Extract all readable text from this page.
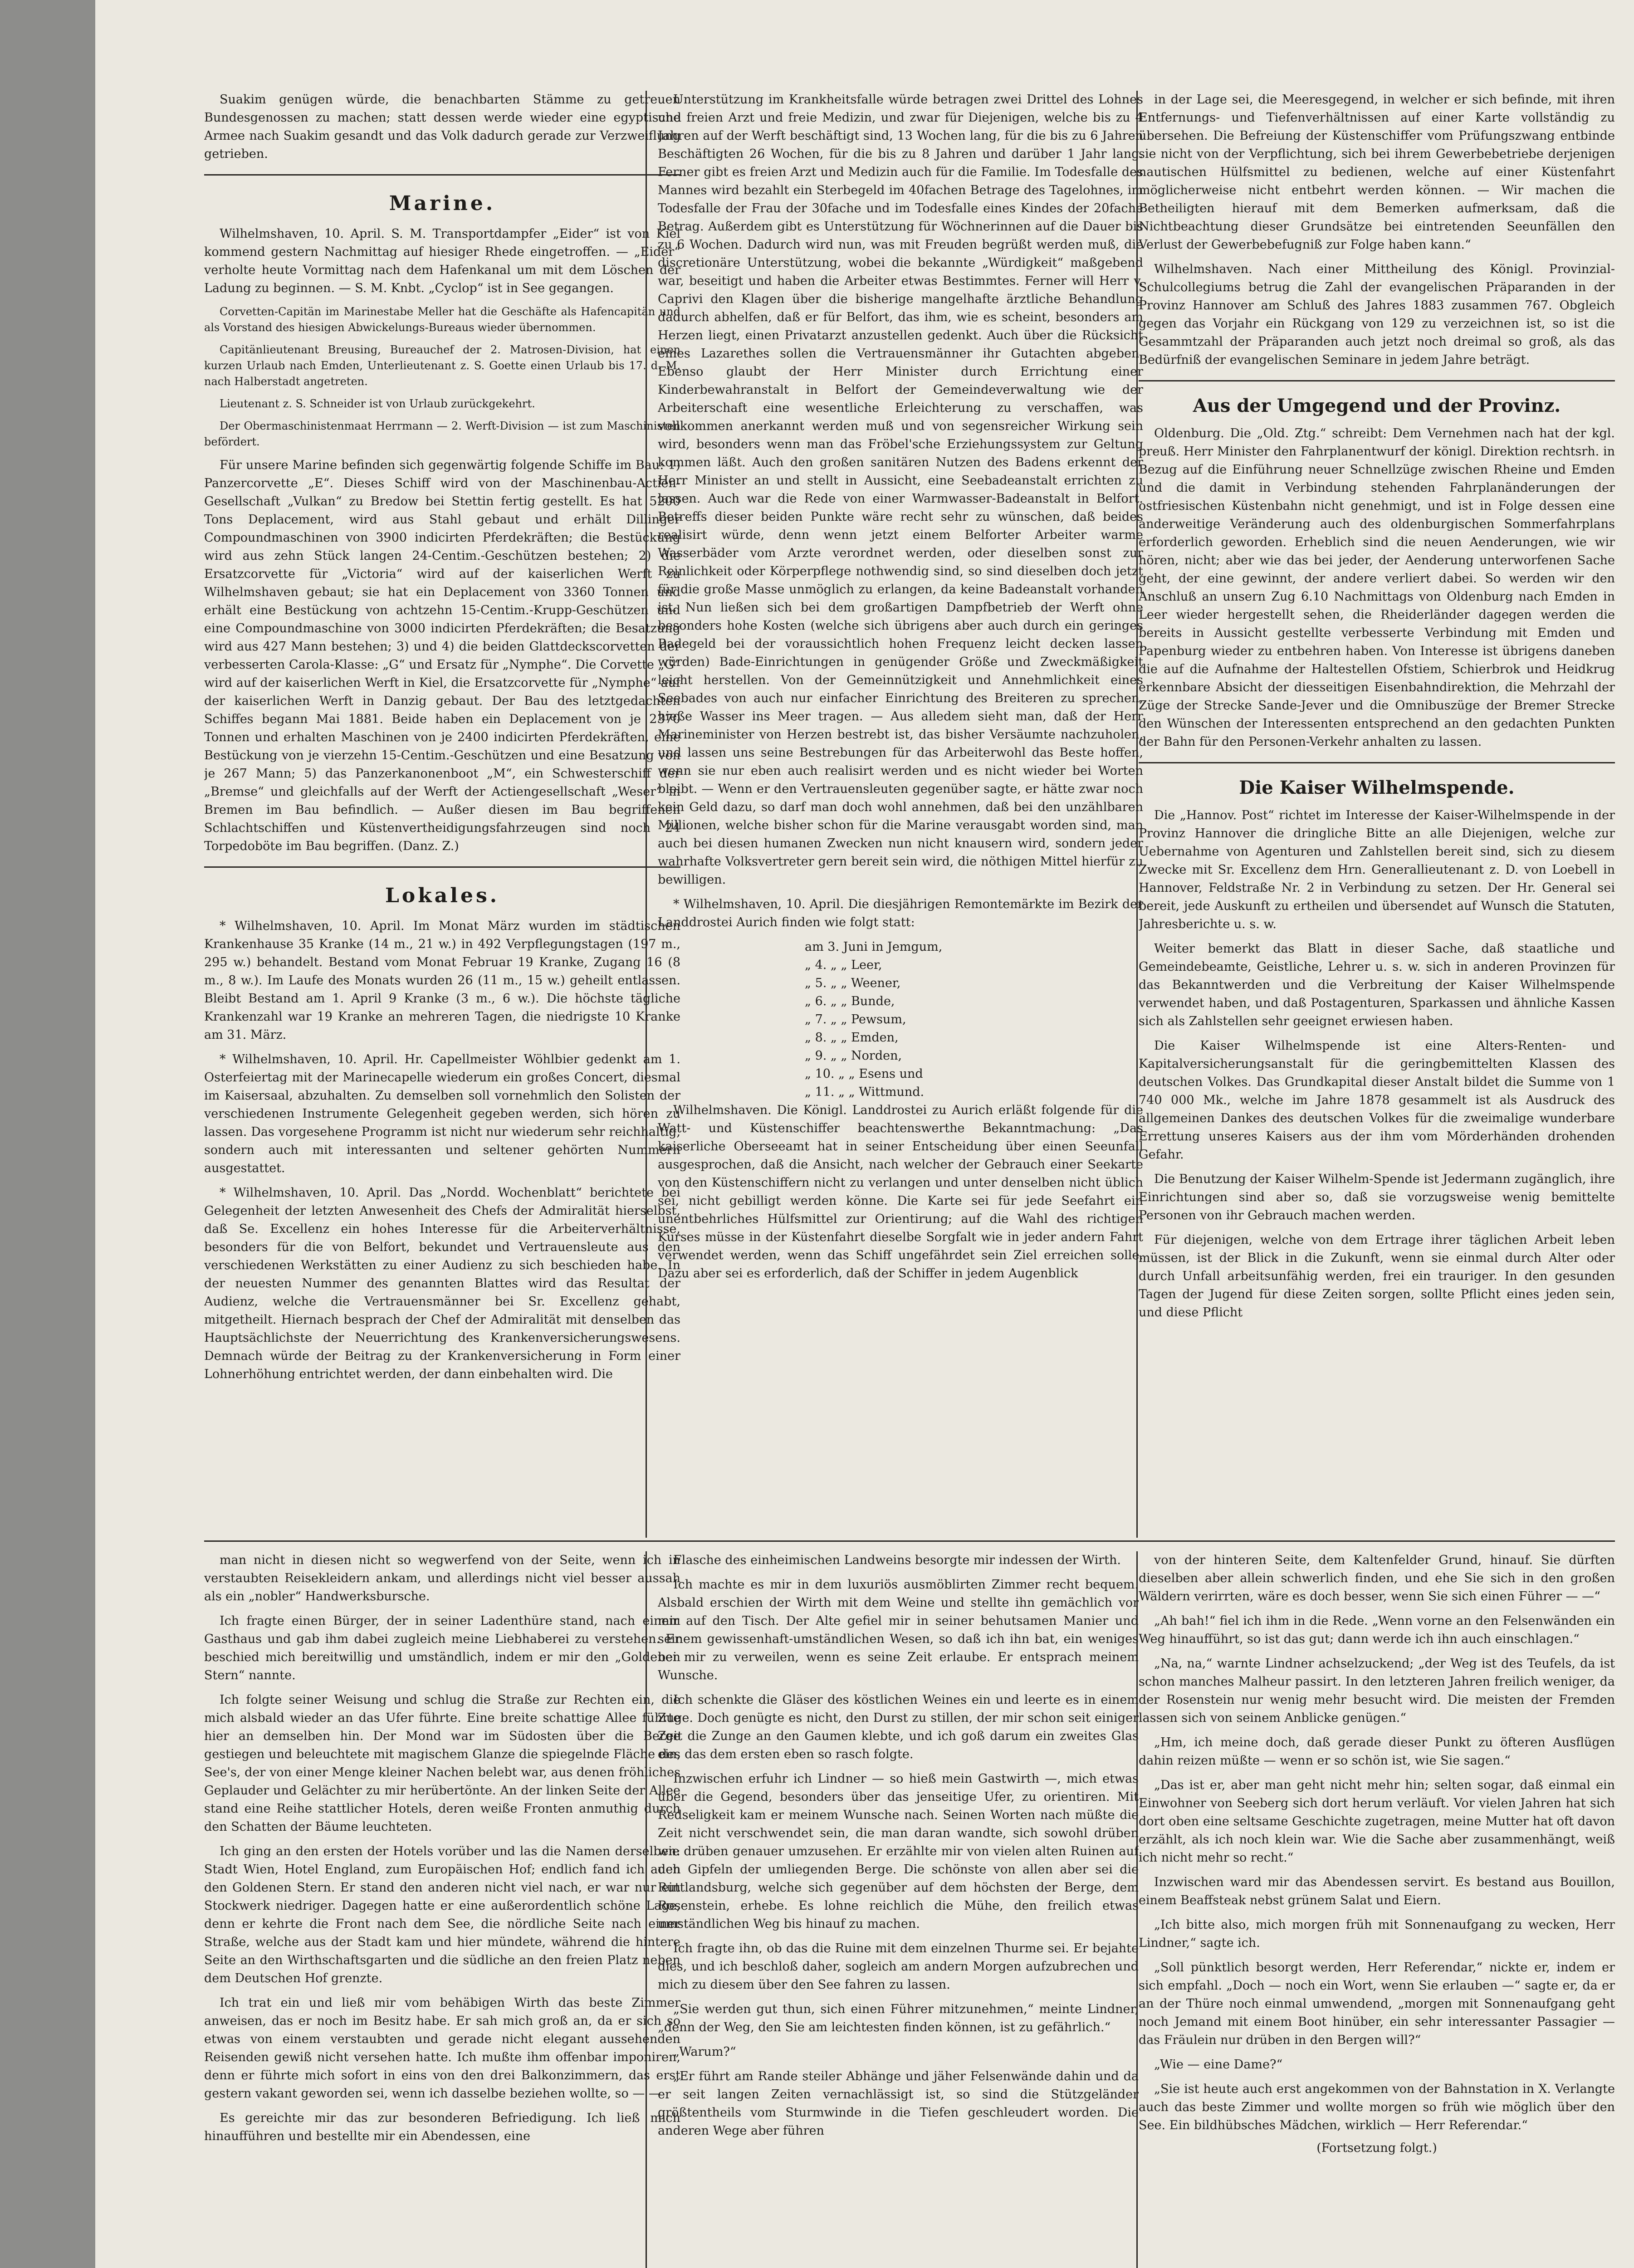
Suakim genügen würde, die benachbarten Stämme zu getreuen Bundesgenossen zu machen; statt dessen werde wieder eine egyptische Armee nach Suakim gesandt und das Volk dadurch gerade zur Verzweiflung getrieben.

Marine.

Wilhelmshaven, 10. April. S. M. Transportdampfer „Eider“ ist von Kiel kommend gestern Nachmittag auf hiesiger Rhede eingetroffen. — „Eider“ verholte heute Vormittag nach dem Hafenkanal um mit dem Löschen der Ladung zu beginnen. — S. M. Knbt. „Cyclop“ ist in See gegangen.

Corvetten-Capitän im Marinestabe Meller hat die Geschäfte als Hafencapitän und als Vorstand des hiesigen Abwickelungs-Bureaus wieder übernommen.

Capitänlieutenant Breusing, Bureauchef der 2. Matrosen-Division, hat einen kurzen Urlaub nach Emden, Unterlieutenant z. S. Goette einen Urlaub bis 17. d. M. nach Halberstadt angetreten.

Lieutenant z. S. Schneider ist von Urlaub zurückgekehrt.

Der Obermaschinistenmaat Herrmann — 2. Werft-Division — ist zum Maschinisten befördert.

Für unsere Marine befinden sich gegenwärtig folgende Schiffe im Bau: 1) Panzercorvette „E“. Dieses Schiff wird von der Maschinenbau-Actien-Gesellschaft „Vulkan“ zu Bredow bei Stettin fertig gestellt. Es hat 5200 Tons Deplacement, wird aus Stahl gebaut und erhält Dillinger Compoundmaschinen von 3900 indicirten Pferdekräften; die Bestückung wird aus zehn Stück langen 24-Centim.-Geschützen bestehen; 2) die Ersatzcorvette für „Victoria“ wird auf der kaiserlichen Werft zu Wilhelmshaven gebaut; sie hat ein Deplacement von 3360 Tonnen und erhält eine Bestückung von achtzehn 15-Centim.-Krupp-Geschützen und eine Compoundmaschine von 3000 indicirten Pferdekräften; die Besatzung wird aus 427 Mann bestehen; 3) und 4) die beiden Glattdeckscorvetten der verbesserten Carola-Klasse: „G“ und Ersatz für „Nymphe“. Die Corvette „G“ wird auf der kaiserlichen Werft in Kiel, die Ersatzcorvette für „Nymphe“ auf der kaiserlichen Werft in Danzig gebaut. Der Bau des letztgedachten Schiffes begann Mai 1881. Beide haben ein Deplacement von je 2370 Tonnen und erhalten Maschinen von je 2400 indicirten Pferdekräften, eine Bestückung von je vierzehn 15-Centim.-Geschützen und eine Besatzung von je 267 Mann; 5) das Panzerkanonenboot „M“, ein Schwesterschiff der „Bremse“ und gleichfalls auf der Werft der Actiengesellschaft „Weser“ in Bremen im Bau befindlich. — Außer diesen im Bau begriffenen Schlachtschiffen und Küstenvertheidigungsfahrzeugen sind noch 24 Torpedoböte im Bau begriffen. (Danz. Z.)

Lokales.

* Wilhelmshaven, 10. April. Im Monat März wurden im städtischen Krankenhause 35 Kranke (14 m., 21 w.) in 492 Verpflegungstagen (197 m., 295 w.) behandelt. Bestand vom Monat Februar 19 Kranke, Zugang 16 (8 m., 8 w.). Im Laufe des Monats wurden 26 (11 m., 15 w.) geheilt entlassen. Bleibt Bestand am 1. April 9 Kranke (3 m., 6 w.). Die höchste tägliche Krankenzahl war 19 Kranke an mehreren Tagen, die niedrigste 10 Kranke am 31. März.

* Wilhelmshaven, 10. April. Hr. Capellmeister Wöhlbier gedenkt am 1. Osterfeiertag mit der Marinecapelle wiederum ein großes Concert, diesmal im Kaisersaal, abzuhalten. Zu demselben soll vornehmlich den Solisten der verschiedenen Instrumente Gelegenheit gegeben werden, sich hören zu lassen. Das vorgesehene Programm ist nicht nur wiederum sehr reichhaltig, sondern auch mit interessanten und seltener gehörten Nummern ausgestattet.

* Wilhelmshaven, 10. April. Das „Nordd. Wochenblatt“ berichtete bei Gelegenheit der letzten Anwesenheit des Chefs der Admiralität hierselbst, daß Se. Excellenz ein hohes Interesse für die Arbeiterverhältnisse, besonders für die von Belfort, bekundet und Vertrauensleute aus den verschiedenen Werkstätten zu einer Audienz zu sich beschieden habe. In der neuesten Nummer des genannten Blattes wird das Resultat der Audienz, welche die Vertrauensmänner bei Sr. Excellenz gehabt, mitgetheilt. Hiernach besprach der Chef der Admiralität mit denselben das Hauptsächlichste der Neuerrichtung des Krankenversicherungswesens. Demnach würde der Beitrag zu der Krankenversicherung in Form einer Lohnerhöhung entrichtet werden, der dann einbehalten wird. Die

Unterstützung im Krankheitsfalle würde betragen zwei Drittel des Lohnes und freien Arzt und freie Medizin, und zwar für Diejenigen, welche bis zu 4 Jahren auf der Werft beschäftigt sind, 13 Wochen lang, für die bis zu 6 Jahren Beschäftigten 26 Wochen, für die bis zu 8 Jahren und darüber 1 Jahr lang. Ferner gibt es freien Arzt und Medizin auch für die Familie. Im Todesfalle des Mannes wird bezahlt ein Sterbegeld im 40fachen Betrage des Tagelohnes, im Todesfalle der Frau der 30fache und im Todesfalle eines Kindes der 20fache Betrag. Außerdem gibt es Unterstützung für Wöchnerinnen auf die Dauer bis zu 6 Wochen. Dadurch wird nun, was mit Freuden begrüßt werden muß, die discretionäre Unterstützung, wobei die bekannte „Würdigkeit“ maßgebend war, beseitigt und haben die Arbeiter etwas Bestimmtes. Ferner will Herr v. Caprivi den Klagen über die bisherige mangelhafte ärztliche Behandlung dadurch abhelfen, daß er für Belfort, das ihm, wie es scheint, besonders am Herzen liegt, einen Privatarzt anzustellen gedenkt. Auch über die Rücksicht eines Lazarethes sollen die Vertrauensmänner ihr Gutachten abgeben. Ebenso glaubt der Herr Minister durch Errichtung einer Kinderbewahranstalt in Belfort der Gemeindeverwaltung wie der Arbeiterschaft eine wesentliche Erleichterung zu verschaffen, was vollkommen anerkannt werden muß und von segensreicher Wirkung sein wird, besonders wenn man das Fröbel'sche Erziehungssystem zur Geltung kommen läßt. Auch den großen sanitären Nutzen des Badens erkennt der Herr Minister an und stellt in Aussicht, eine Seebadeanstalt errichten zu lassen. Auch war die Rede von einer Warmwasser-Badeanstalt in Belfort. Betreffs dieser beiden Punkte wäre recht sehr zu wünschen, daß beides realisirt würde, denn wenn jetzt einem Belforter Arbeiter warme Wasserbäder vom Arzte verordnet werden, oder dieselben sonst zur Reinlichkeit oder Körperpflege nothwendig sind, so sind dieselben doch jetzt für die große Masse unmöglich zu erlangen, da keine Badeanstalt vorhanden ist. Nun ließen sich bei dem großartigen Dampfbetrieb der Werft ohne besonders hohe Kosten (welche sich übrigens aber auch durch ein geringes Badegeld bei der voraussichtlich hohen Frequenz leicht decken lassen würden) Bade-Einrichtungen in genügender Größe und Zweckmäßigkeit leicht herstellen. Von der Gemeinnützigkeit und Annehmlichkeit eines Seebades von auch nur einfacher Einrichtung des Breiteren zu sprechen, hieße Wasser ins Meer tragen. — Aus alledem sieht man, daß der Herr Marineminister von Herzen bestrebt ist, das bisher Versäumte nachzuholen, und lassen uns seine Bestrebungen für das Arbeiterwohl das Beste hoffen, wenn sie nur eben auch realisirt werden und es nicht wieder bei Worten bleibt. — Wenn er den Vertrauensleuten gegenüber sagte, er hätte zwar noch kein Geld dazu, so darf man doch wohl annehmen, daß bei den unzählbaren Millionen, welche bisher schon für die Marine verausgabt worden sind, man auch bei diesen humanen Zwecken nun nicht knausern wird, sondern jeder wahrhafte Volksvertreter gern bereit sein wird, die nöthigen Mittel hierfür zu bewilligen.

* Wilhelmshaven, 10. April. Die diesjährigen Remontemärkte im Bezirk der Landdrostei Aurich finden wie folgt statt:

am 3. Juni in Jemgum,

„ 4. „ „ Leer,

„ 5. „ „ Weener,

„ 6. „ „ Bunde,

„ 7. „ „ Pewsum,

„ 8. „ „ Emden,

„ 9. „ „ Norden,

„ 10. „ „ Esens und

„ 11. „ „ Wittmund.

Wilhelmshaven. Die Königl. Landdrostei zu Aurich erläßt folgende für die Watt- und Küstenschiffer beachtenswerthe Bekanntmachung: „Das kaiserliche Oberseeamt hat in seiner Entscheidung über einen Seeunfall ausgesprochen, daß die Ansicht, nach welcher der Gebrauch einer Seekarte von den Küstenschiffern nicht zu verlangen und unter denselben nicht üblich sei, nicht gebilligt werden könne. Die Karte sei für jede Seefahrt ein unentbehrliches Hülfsmittel zur Orientirung; auf die Wahl des richtigen Kurses müsse in der Küstenfahrt dieselbe Sorgfalt wie in jeder andern Fahrt verwendet werden, wenn das Schiff ungefährdet sein Ziel erreichen solle. Dazu aber sei es erforderlich, daß der Schiffer in jedem Augenblick

in der Lage sei, die Meeresgegend, in welcher er sich befinde, mit ihren Entfernungs- und Tiefenverhältnissen auf einer Karte vollständig zu übersehen. Die Befreiung der Küstenschiffer vom Prüfungszwang entbinde sie nicht von der Verpflichtung, sich bei ihrem Gewerbebetriebe derjenigen nautischen Hülfsmittel zu bedienen, welche auf einer Küstenfahrt möglicherweise nicht entbehrt werden können. — Wir machen die Betheiligten hierauf mit dem Bemerken aufmerksam, daß die Nichtbeachtung dieser Grundsätze bei eintretenden Seeunfällen den Verlust der Gewerbebefugniß zur Folge haben kann.“

Wilhelmshaven. Nach einer Mittheilung des Königl. Provinzial-Schulcollegiums betrug die Zahl der evangelischen Präparanden in der Provinz Hannover am Schluß des Jahres 1883 zusammen 767. Obgleich gegen das Vorjahr ein Rückgang von 129 zu verzeichnen ist, so ist die Gesammtzahl der Präparanden auch jetzt noch dreimal so groß, als das Bedürfniß der evangelischen Seminare in jedem Jahre beträgt.

Aus der Umgegend und der Provinz.

Oldenburg. Die „Old. Ztg.“ schreibt: Dem Vernehmen nach hat der kgl. preuß. Herr Minister den Fahrplanentwurf der königl. Direktion rechtsrh. in Bezug auf die Einführung neuer Schnellzüge zwischen Rheine und Emden und die damit in Verbindung stehenden Fahrplanänderungen der ostfriesischen Küstenbahn nicht genehmigt, und ist in Folge dessen eine anderweitige Veränderung auch des oldenburgischen Sommerfahrplans erforderlich geworden. Erheblich sind die neuen Aenderungen, wie wir hören, nicht; aber wie das bei jeder, der Aenderung unterworfenen Sache geht, der eine gewinnt, der andere verliert dabei. So werden wir den Anschluß an unsern Zug 6.10 Nachmittags von Oldenburg nach Emden in Leer wieder hergestellt sehen, die Rheiderländer dagegen werden die bereits in Aussicht gestellte verbesserte Verbindung mit Emden und Papenburg wieder zu entbehren haben. Von Interesse ist übrigens daneben die auf die Aufnahme der Haltestellen Ofstiem, Schierbrok und Heidkrug erkennbare Absicht der diesseitigen Eisenbahndirektion, die Mehrzahl der Züge der Strecke Sande-Jever und die Omnibuszüge der Bremer Strecke den Wünschen der Interessenten entsprechend an den gedachten Punkten der Bahn für den Personen-Verkehr anhalten zu lassen.

Die Kaiser Wilhelmspende.

Die „Hannov. Post“ richtet im Interesse der Kaiser-Wilhelmspende in der Provinz Hannover die dringliche Bitte an alle Diejenigen, welche zur Uebernahme von Agenturen und Zahlstellen bereit sind, sich zu diesem Zwecke mit Sr. Excellenz dem Hrn. Generallieutenant z. D. von Loebell in Hannover, Feldstraße Nr. 2 in Verbindung zu setzen. Der Hr. General sei bereit, jede Auskunft zu ertheilen und übersendet auf Wunsch die Statuten, Jahresberichte u. s. w.

Weiter bemerkt das Blatt in dieser Sache, daß staatliche und Gemeindebeamte, Geistliche, Lehrer u. s. w. sich in anderen Provinzen für das Bekanntwerden und die Verbreitung der Kaiser Wilhelmspende verwendet haben, und daß Postagenturen, Sparkassen und ähnliche Kassen sich als Zahlstellen sehr geeignet erwiesen haben.

Die Kaiser Wilhelmspende ist eine Alters-Renten- und Kapitalversicherungsanstalt für die geringbemittelten Klassen des deutschen Volkes. Das Grundkapital dieser Anstalt bildet die Summe von 1 740 000 Mk., welche im Jahre 1878 gesammelt ist als Ausdruck des allgemeinen Dankes des deutschen Volkes für die zweimalige wunderbare Errettung unseres Kaisers aus der ihm vom Mörderhänden drohenden Gefahr.

Die Benutzung der Kaiser Wilhelm-Spende ist Jedermann zugänglich, ihre Einrichtungen sind aber so, daß sie vorzugsweise wenig bemittelte Personen von ihr Gebrauch machen werden.

Für diejenigen, welche von dem Ertrage ihrer täglichen Arbeit leben müssen, ist der Blick in die Zukunft, wenn sie einmal durch Alter oder durch Unfall arbeitsunfähig werden, frei ein trauriger. In den gesunden Tagen der Jugend für diese Zeiten sorgen, sollte Pflicht eines jeden sein, und diese Pflicht

man nicht in diesen nicht so wegwerfend von der Seite, wenn ich in verstaubten Reisekleidern ankam, und allerdings nicht viel besser aussah als ein „nobler“ Handwerksbursche.

Ich fragte einen Bürger, der in seiner Ladenthüre stand, nach einem Gasthaus und gab ihm dabei zugleich meine Liebhaberei zu verstehen. Er beschied mich bereitwillig und umständlich, indem er mir den „Goldenen Stern“ nannte.

Ich folgte seiner Weisung und schlug die Straße zur Rechten ein, die mich alsbald wieder an das Ufer führte. Eine breite schattige Allee führte hier an demselben hin. Der Mond war im Südosten über die Berge gestiegen und beleuchtete mit magischem Glanze die spiegelnde Fläche des See's, der von einer Menge kleiner Nachen belebt war, aus denen fröhliches Geplauder und Gelächter zu mir herübertönte. An der linken Seite der Allee stand eine Reihe stattlicher Hotels, deren weiße Fronten anmuthig durch den Schatten der Bäume leuchteten.

Ich ging an den ersten der Hotels vorüber und las die Namen derselben: Stadt Wien, Hotel England, zum Europäischen Hof; endlich fand ich auch den Goldenen Stern. Er stand den anderen nicht viel nach, er war nur ein Stockwerk niedriger. Dagegen hatte er eine außerordentlich schöne Lage, denn er kehrte die Front nach dem See, die nördliche Seite nach einer Straße, welche aus der Stadt kam und hier mündete, während die hintere Seite an den Wirthschaftsgarten und die südliche an den freien Platz neben dem Deutschen Hof grenzte.

Ich trat ein und ließ mir vom behäbigen Wirth das beste Zimmer anweisen, das er noch im Besitz habe. Er sah mich groß an, da er sich so etwas von einem verstaubten und gerade nicht elegant aussehenden Reisenden gewiß nicht versehen hatte. Ich mußte ihm offenbar imponiren, denn er führte mich sofort in eins von den drei Balkonzimmern, das erst gestern vakant geworden sei, wenn ich dasselbe beziehen wollte, so — —

Es gereichte mir das zur besonderen Befriedigung. Ich ließ mich hinaufführen und bestellte mir ein Abendessen, eine

Flasche des einheimischen Landweins besorgte mir indessen der Wirth.

Ich machte es mir in dem luxuriös ausmöblirten Zimmer recht bequem. Alsbald erschien der Wirth mit dem Weine und stellte ihn gemächlich vor mir auf den Tisch. Der Alte gefiel mir in seiner behutsamen Manier und seinem gewissenhaft-umständlichen Wesen, so daß ich ihn bat, ein weniges bei mir zu verweilen, wenn es seine Zeit erlaube. Er entsprach meinem Wunsche.

Ich schenkte die Gläser des köstlichen Weines ein und leerte es in einem Zuge. Doch genügte es nicht, den Durst zu stillen, der mir schon seit einiger Zeit die Zunge an den Gaumen klebte, und ich goß darum ein zweites Glas ein, das dem ersten eben so rasch folgte.

Inzwischen erfuhr ich Lindner — so hieß mein Gastwirth —, mich etwas über die Gegend, besonders über das jenseitige Ufer, zu orientiren. Mit Redseligkeit kam er meinem Wunsche nach. Seinen Worten nach müßte die Zeit nicht verschwendet sein, die man daran wandte, sich sowohl drüben wie drüben genauer umzusehen. Er erzählte mir von vielen alten Ruinen auf den Gipfeln der umliegenden Berge. Die schönste von allen aber sei die Ruttlandsburg, welche sich gegenüber auf dem höchsten der Berge, dem Rosenstein, erhebe. Es lohne reichlich die Mühe, den freilich etwas umständlichen Weg bis hinauf zu machen.

Ich fragte ihn, ob das die Ruine mit dem einzelnen Thurme sei. Er bejahte dies, und ich beschloß daher, sogleich am andern Morgen aufzubrechen und mich zu diesem über den See fahren zu lassen.

„Sie werden gut thun, sich einen Führer mitzunehmen,“ meinte Lindner, „denn der Weg, den Sie am leichtesten finden können, ist zu gefährlich.“

„Warum?“

„Er führt am Rande steiler Abhänge und jäher Felsenwände dahin und da er seit langen Zeiten vernachlässigt ist, so sind die Stützgeländer größtentheils vom Sturmwinde in die Tiefen geschleudert worden. Die anderen Wege aber führen

von der hinteren Seite, dem Kaltenfelder Grund, hinauf. Sie dürften dieselben aber allein schwerlich finden, und ehe Sie sich in den großen Wäldern verirrten, wäre es doch besser, wenn Sie sich einen Führer — —“

„Ah bah!“ fiel ich ihm in die Rede. „Wenn vorne an den Felsenwänden ein Weg hinaufführt, so ist das gut; dann werde ich ihn auch einschlagen.“

„Na, na,“ warnte Lindner achselzuckend; „der Weg ist des Teufels, da ist schon manches Malheur passirt. In den letzteren Jahren freilich weniger, da der Rosenstein nur wenig mehr besucht wird. Die meisten der Fremden lassen sich von seinem Anblicke genügen.“

„Hm, ich meine doch, daß gerade dieser Punkt zu öfteren Ausflügen dahin reizen müßte — wenn er so schön ist, wie Sie sagen.“

„Das ist er, aber man geht nicht mehr hin; selten sogar, daß einmal ein Einwohner von Seeberg sich dort herum verläuft. Vor vielen Jahren hat sich dort oben eine seltsame Geschichte zugetragen, meine Mutter hat oft davon erzählt, als ich noch klein war. Wie die Sache aber zusammenhängt, weiß ich nicht mehr so recht.“

Inzwischen ward mir das Abendessen servirt. Es bestand aus Bouillon, einem Beaffsteak nebst grünem Salat und Eiern.

„Ich bitte also, mich morgen früh mit Sonnenaufgang zu wecken, Herr Lindner,“ sagte ich.

„Soll pünktlich besorgt werden, Herr Referendar,“ nickte er, indem er sich empfahl. „Doch — noch ein Wort, wenn Sie erlauben —“ sagte er, da er an der Thüre noch einmal umwendend, „morgen mit Sonnenaufgang geht noch Jemand mit einem Boot hinüber, ein sehr interessanter Passagier — das Fräulein nur drüben in den Bergen will?“

„Wie — eine Dame?“

„Sie ist heute auch erst angekommen von der Bahnstation in X. Verlangte auch das beste Zimmer und wollte morgen so früh wie möglich über den See. Ein bildhübsches Mädchen, wirklich — Herr Referendar.“

(Fortsetzung folgt.)
